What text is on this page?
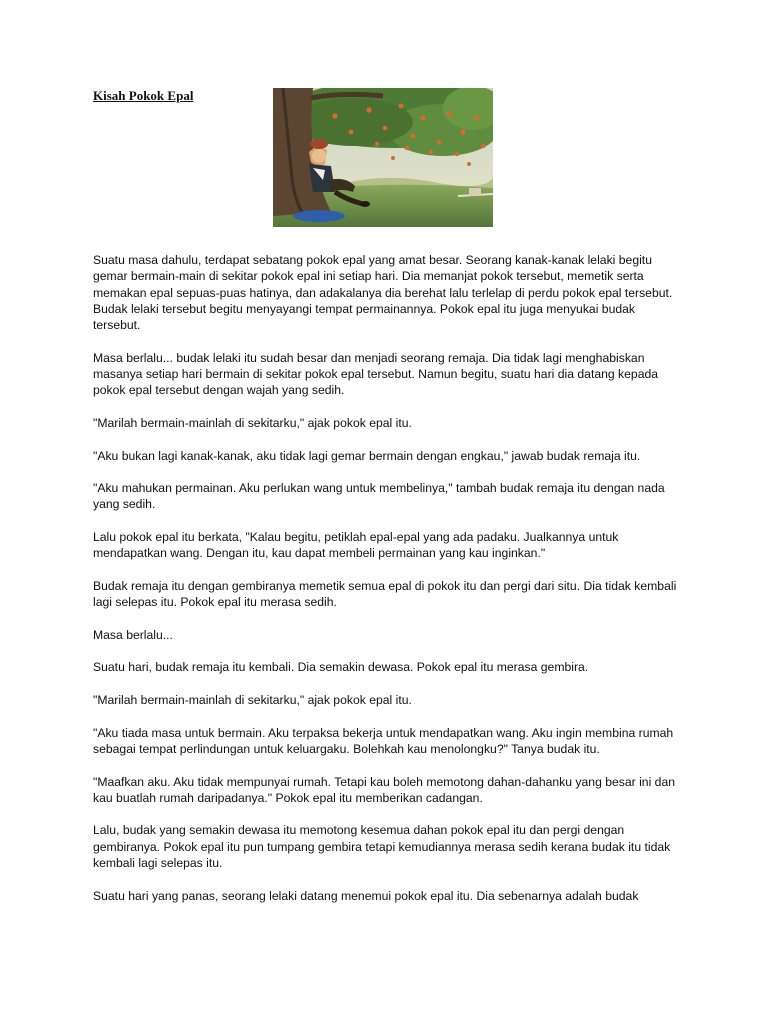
Kisah Pokok Epal

Suatu masa dahulu, terdapat sebatang pokok epal yang amat besar. Seorang kanak-kanak lelaki begitu gemar bermain-main di sekitar pokok epal ini setiap hari. Dia memanjat pokok tersebut, memetik serta memakan epal sepuas-puas hatinya, dan adakalanya dia berehat lalu terlelap di perdu pokok epal tersebut. Budak lelaki tersebut begitu menyayangi tempat permainannya. Pokok epal itu juga menyukai budak tersebut.

Masa berlalu... budak lelaki itu sudah besar dan menjadi seorang remaja. Dia tidak lagi menghabiskan masanya setiap hari bermain di sekitar pokok epal tersebut. Namun begitu, suatu hari dia datang kepada pokok epal tersebut dengan wajah yang sedih.

"Marilah bermain-mainlah di sekitarku," ajak pokok epal itu.

"Aku bukan lagi kanak-kanak, aku tidak lagi gemar bermain dengan engkau," jawab budak remaja itu.

"Aku mahukan permainan. Aku perlukan wang untuk membelinya," tambah budak remaja itu dengan nada yang sedih.

Lalu pokok epal itu berkata, "Kalau begitu, petiklah epal-epal yang ada padaku. Jualkannya untuk mendapatkan wang. Dengan itu, kau dapat membeli permainan yang kau inginkan."

Budak remaja itu dengan gembiranya memetik semua epal di pokok itu dan pergi dari situ. Dia tidak kembali lagi selepas itu. Pokok epal itu merasa sedih.

Masa berlalu...

Suatu hari, budak remaja itu kembali. Dia semakin dewasa. Pokok epal itu merasa gembira.

"Marilah bermain-mainlah di sekitarku," ajak pokok epal itu.

"Aku tiada masa untuk bermain. Aku terpaksa bekerja untuk mendapatkan wang. Aku ingin membina rumah sebagai tempat perlindungan untuk keluargaku. Bolehkah kau menolongku?" Tanya budak itu.

"Maafkan aku. Aku tidak mempunyai rumah. Tetapi kau boleh memotong dahan-dahanku yang besar ini dan kau buatlah rumah daripadanya." Pokok epal itu memberikan cadangan.

Lalu, budak yang semakin dewasa itu memotong kesemua dahan pokok epal itu dan pergi dengan gembiranya. Pokok epal itu pun tumpang gembira tetapi kemudiannya merasa sedih kerana budak itu tidak kembali lagi selepas itu.

Suatu hari yang panas, seorang lelaki datang menemui pokok epal itu. Dia sebenarnya adalah budak
